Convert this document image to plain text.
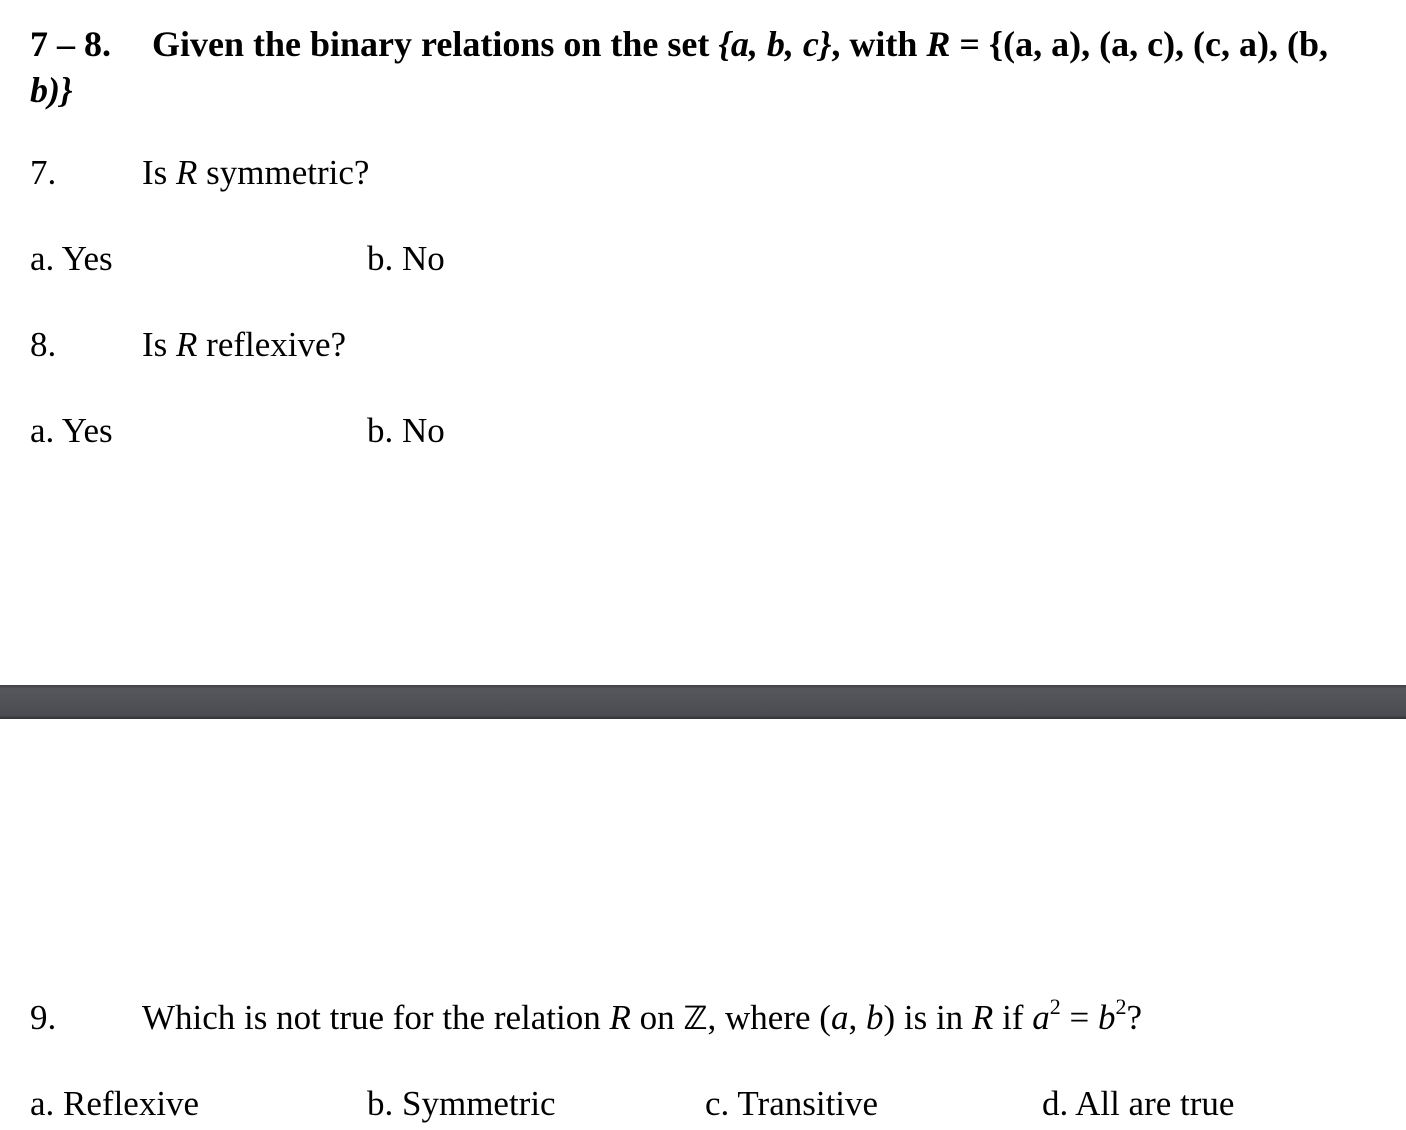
7 – 8. Given the binary relations on the set {a, b, c}, with R = {(a, a), (a, c), (c, a), (b,
b)}
7. Is R symmetric?
a. Yes	b. No
8. Is R reflexive?
a. Yes	b. No
9. Which is not true for the relation R on ℤ, where (a, b) is in R if $a^2 = b^2$?
a. Reflexive	b. Symmetric	c. Transitive	d. All are true
